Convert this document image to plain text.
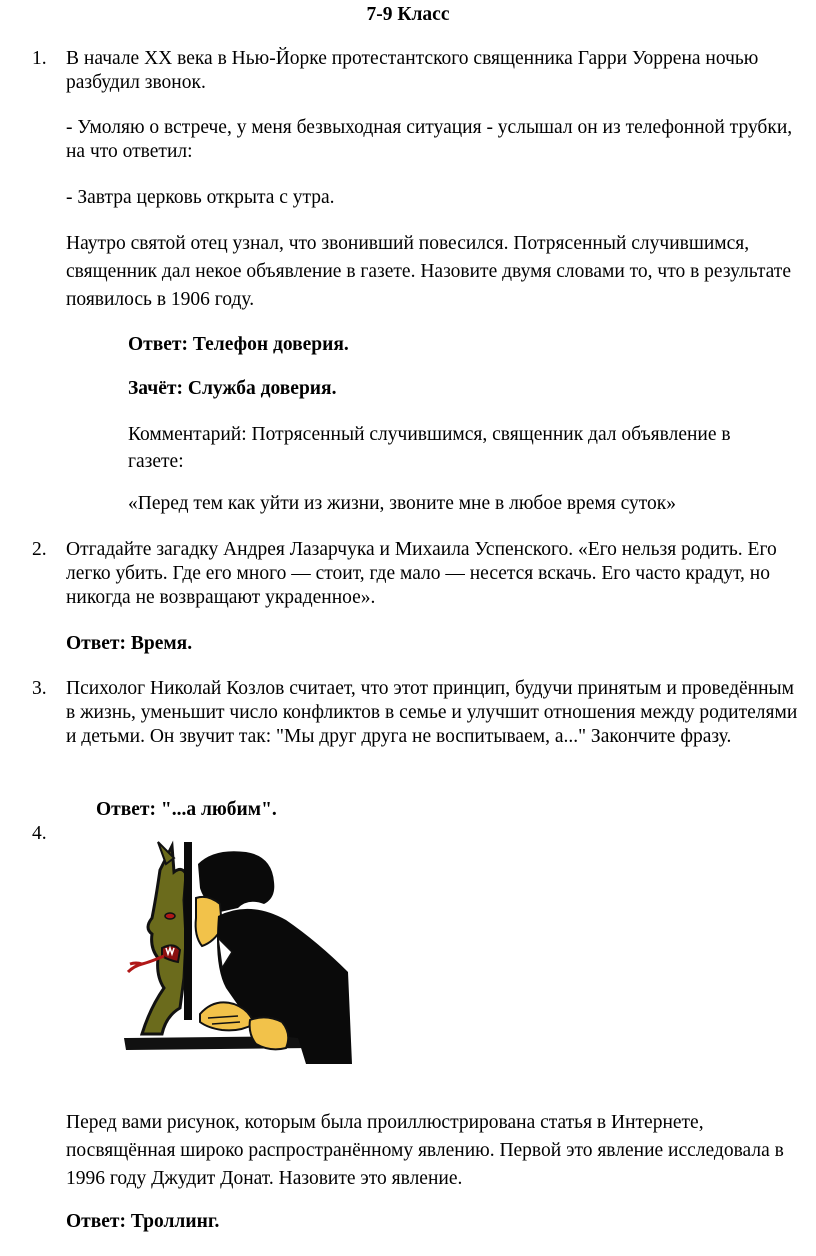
7-9 Класс
1. В начале XX века в Нью-Йорке протестантского священника Гарри Уоррена ночью разбудил звонок.

- Умоляю о встрече, у меня безвыходная ситуация - услышал он из телефонной трубки, на что ответил:

- Завтра церковь открыта с утра.

Наутро святой отец узнал, что звонивший повесился. Потрясенный случившимся, священник дал некое объявление в газете. Назовите двумя словами то, что в результате появилось в 1906 году.

Ответ: Телефон доверия.

Зачёт: Служба доверия.

Комментарий: Потрясенный случившимся, священник дал объявление в газете:

«Перед тем как уйти из жизни, звоните мне в любое время суток»

2. Отгадайте загадку Андрея Лазарчука и Михаила Успенского. «Его нельзя родить. Его легко убить. Где его много — стоит, где мало — несется вскачь. Его часто крадут, но никогда не возвращают украденное».

Ответ: Время.

3. Психолог Николай Козлов считает, что этот принцип, будучи принятым и проведённым в жизнь, уменьшит число конфликтов в семье и улучшит отношения между родителями и детьми. Он звучит так: "Мы друг друга не воспитываем, а..." Закончите фразу.

Ответ: "...а любим".

4.

Перед вами рисунок, которым была проиллюстрирована статья в Интернете, посвящённая широко распространённому явлению. Первой это явление исследовала в 1996 году Джудит Донат. Назовите это явление.

Ответ: Троллинг.
